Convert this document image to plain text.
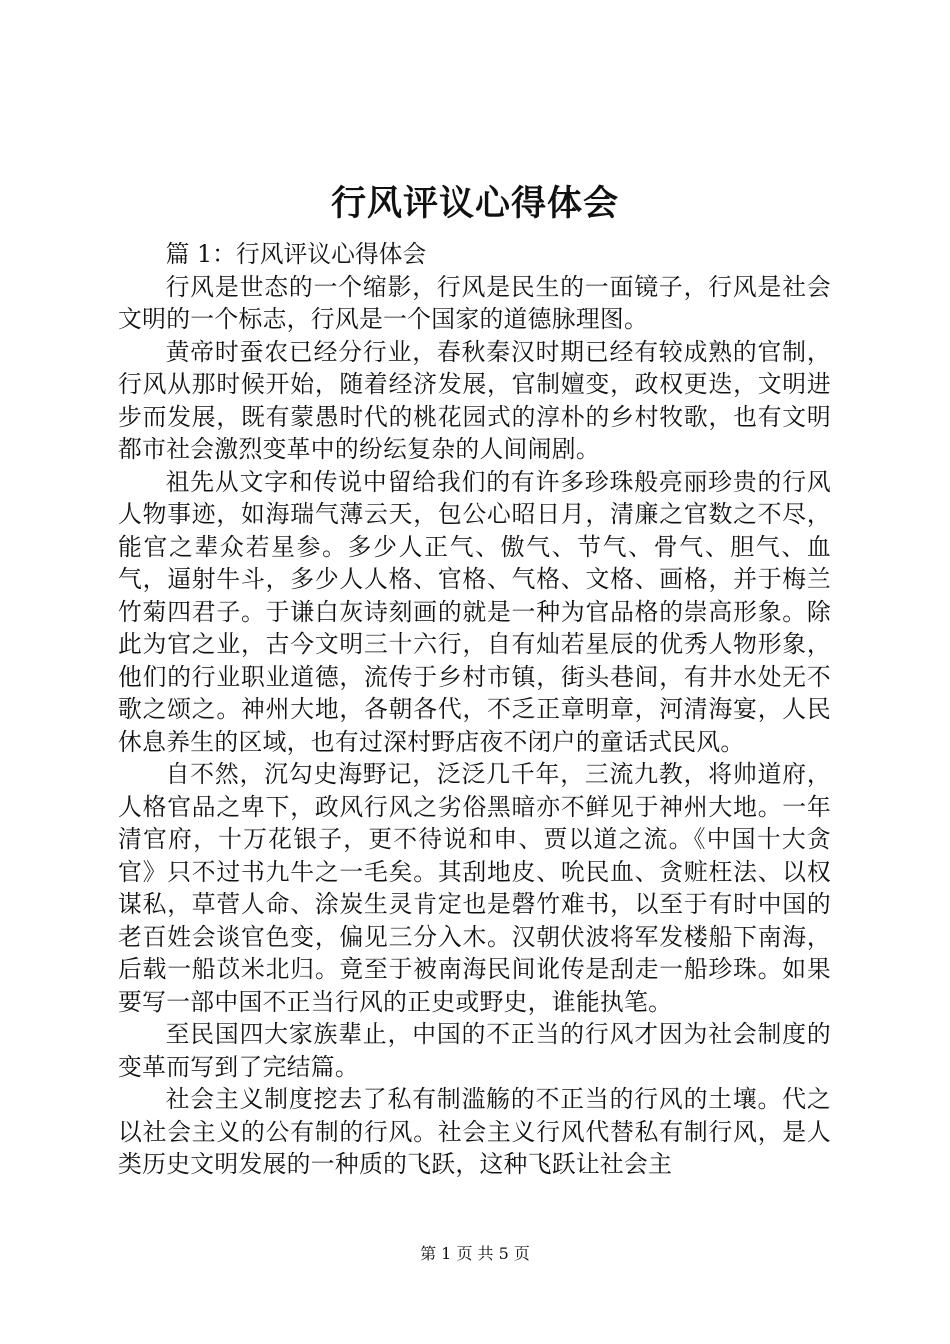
行风评议心得体会

篇 1：行风评议心得体会

行风是世态的一个缩影，行风是民生的一面镜子，行风是社会文明的一个标志，行风是一个国家的道德脉理图。

黄帝时蚕农已经分行业，春秋秦汉时期已经有较成熟的官制，行风从那时候开始，随着经济发展，官制嬗变，政权更迭，文明进步而发展，既有蒙愚时代的桃花园式的淳朴的乡村牧歌，也有文明都市社会激烈变革中的纷纭复杂的人间闹剧。

祖先从文字和传说中留给我们的有许多珍珠般亮丽珍贵的行风人物事迹，如海瑞气薄云天，包公心昭日月，清廉之官数之不尽，能官之辈众若星参。多少人正气、傲气、节气、骨气、胆气、血气，逼射牛斗，多少人人格、官格、气格、文格、画格，并于梅兰竹菊四君子。于谦白灰诗刻画的就是一种为官品格的崇高形象。除此为官之业，古今文明三十六行，自有灿若星辰的优秀人物形象，他们的行业职业道德，流传于乡村市镇，街头巷间，有井水处无不歌之颂之。神州大地，各朝各代，不乏正章明章，河清海宴，人民休息养生的区域，也有过深村野店夜不闭户的童话式民风。

自不然，沉勾史海野记，泛泛几千年，三流九教，将帅道府，人格官品之卑下，政风行风之劣俗黑暗亦不鲜见于神州大地。一年清官府，十万花银子，更不待说和申、贾以道之流。《中国十大贪官》只不过书九牛之一毛矣。其刮地皮、吮民血、贪赃枉法、以权谋私，草菅人命、涂炭生灵肯定也是磬竹难书，以至于有时中国的老百姓会谈官色变，偏见三分入木。汉朝伏波将军发楼船下南海，后载一船苡米北归。竟至于被南海民间讹传是刮走一船珍珠。如果要写一部中国不正当行风的正史或野史，谁能执笔。

至民国四大家族辈止，中国的不正当的行风才因为社会制度的变革而写到了完结篇。

社会主义制度挖去了私有制滥觞的不正当的行风的土壤。代之以社会主义的公有制的行风。社会主义行风代替私有制行风，是人类历史文明发展的一种质的飞跃，这种飞跃让社会主

第 1 页 共 5 页
